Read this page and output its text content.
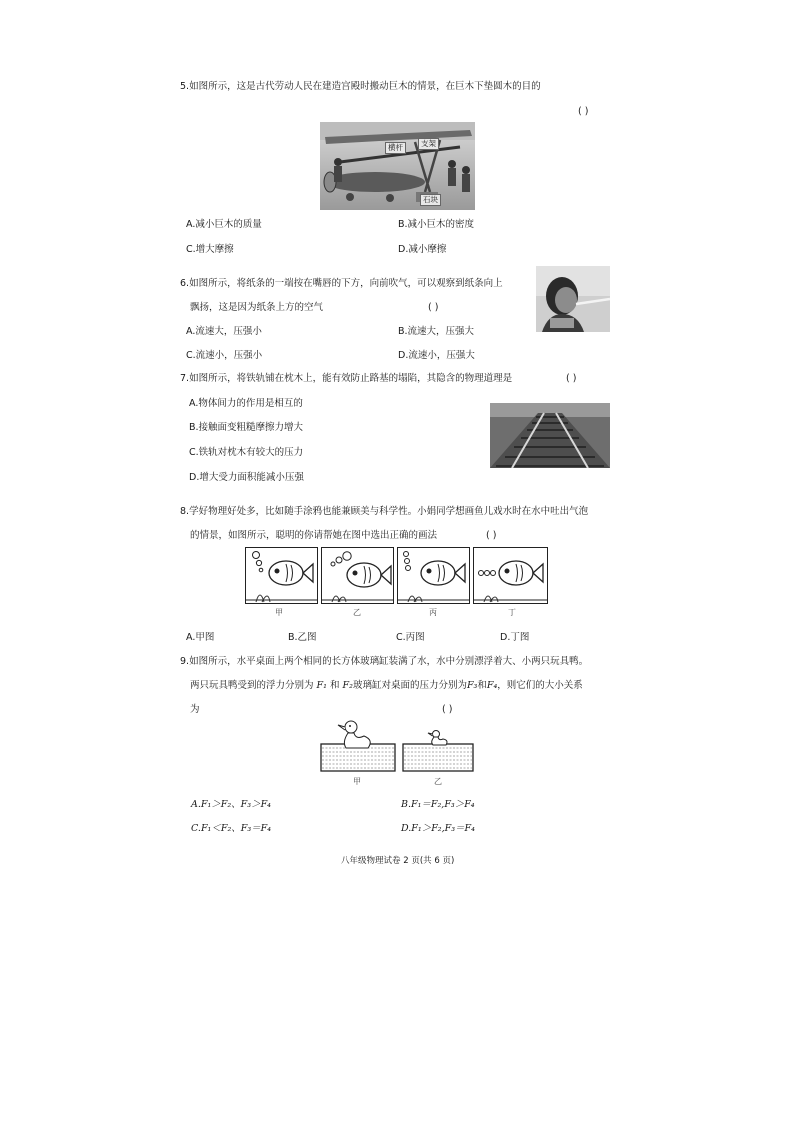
5.如图所示，这是古代劳动人民在建造宫殿时搬动巨木的情景，在巨木下垫圆木的目的
( )
横杆	支架
石块
A.减小巨木的质量	B.减小巨木的密度
C.增大摩擦	D.减小摩擦
6.如图所示，将纸条的一端按在嘴唇的下方，向前吹气，可以观察到纸条向上
飘扬，这是因为纸条上方的空气	( )
A.流速大，压强小	B.流速大，压强大
C.流速小，压强小	D.流速小，压强大
7.如图所示，将铁轨铺在枕木上，能有效防止路基的塌陷，其隐含的物理道理是	( )
A.物体间力的作用是相互的
B.接触面变粗糙摩擦力增大
C.铁轨对枕木有较大的压力
D.增大受力面积能减小压强
8.学好物理好处多，比如随手涂鸦也能兼顾美与科学性。小娟同学想画鱼儿戏水时在水中吐出气泡
的情景，如图所示，聪明的你请帮她在图中选出正确的画法	( )
甲	乙	丙	丁
A.甲图	B.乙图	C.丙图	D.丁图
9.如图所示，水平桌面上两个相同的长方体玻璃缸装满了水，水中分别漂浮着大、小两只玩具鸭。
两只玩具鸭受到的浮力分别为 F₁ 和 F₂玻璃缸对桌面的压力分别为F₃和F₄，则它们的大小关系
为	( )
甲	乙
A.F₁＞F₂、F₃＞F₄	B.F₁＝F₂,F₃＞F₄
C.F₁＜F₂、F₃＝F₄	D.F₁＞F₂,F₃＝F₄
八年级物理试卷 2 页(共 6 页)
